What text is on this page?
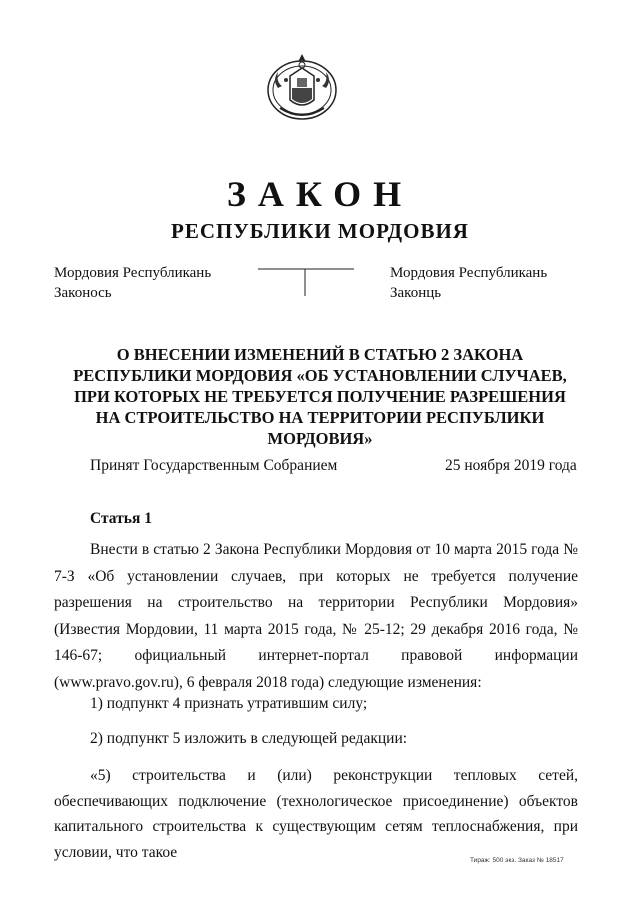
ЗАКОН
РЕСПУБЛИКИ МОРДОВИЯ
Мордовия Республикань
Законось
Мордовия Республикань
Законць
О ВНЕСЕНИИ ИЗМЕНЕНИЙ В СТАТЬЮ 2 ЗАКОНА РЕСПУБЛИКИ МОРДОВИЯ «ОБ УСТАНОВЛЕНИИ СЛУЧАЕВ, ПРИ КОТОРЫХ НЕ ТРЕБУЕТСЯ ПОЛУЧЕНИЕ РАЗРЕШЕНИЯ НА СТРОИТЕЛЬСТВО НА ТЕРРИТОРИИ РЕСПУБЛИКИ МОРДОВИЯ»
Принят Государственным Собранием	25 ноября 2019 года
Статья 1

Внести в статью 2 Закона Республики Мордовия от 10 марта 2015 года № 7-З «Об установлении случаев, при которых не требуется получение разрешения на строительство на территории Республики Мордовия» (Известия Мордовии, 11 марта 2015 года, № 25-12; 29 декабря 2016 года, № 146-67; официальный интернет-портал правовой информации (www.pravo.gov.ru), 6 февраля 2018 года) следующие изменения:

1) подпункт 4 признать утратившим силу;

2) подпункт 5 изложить в следующей редакции:

«5) строительства и (или) реконструкции тепловых сетей, обеспечивающих подключение (технологическое присоединение) объектов капитального строительства к существующим сетям теплоснабжения, при условии, что такое	Тираж: 500 экз. Заказ № 18517
